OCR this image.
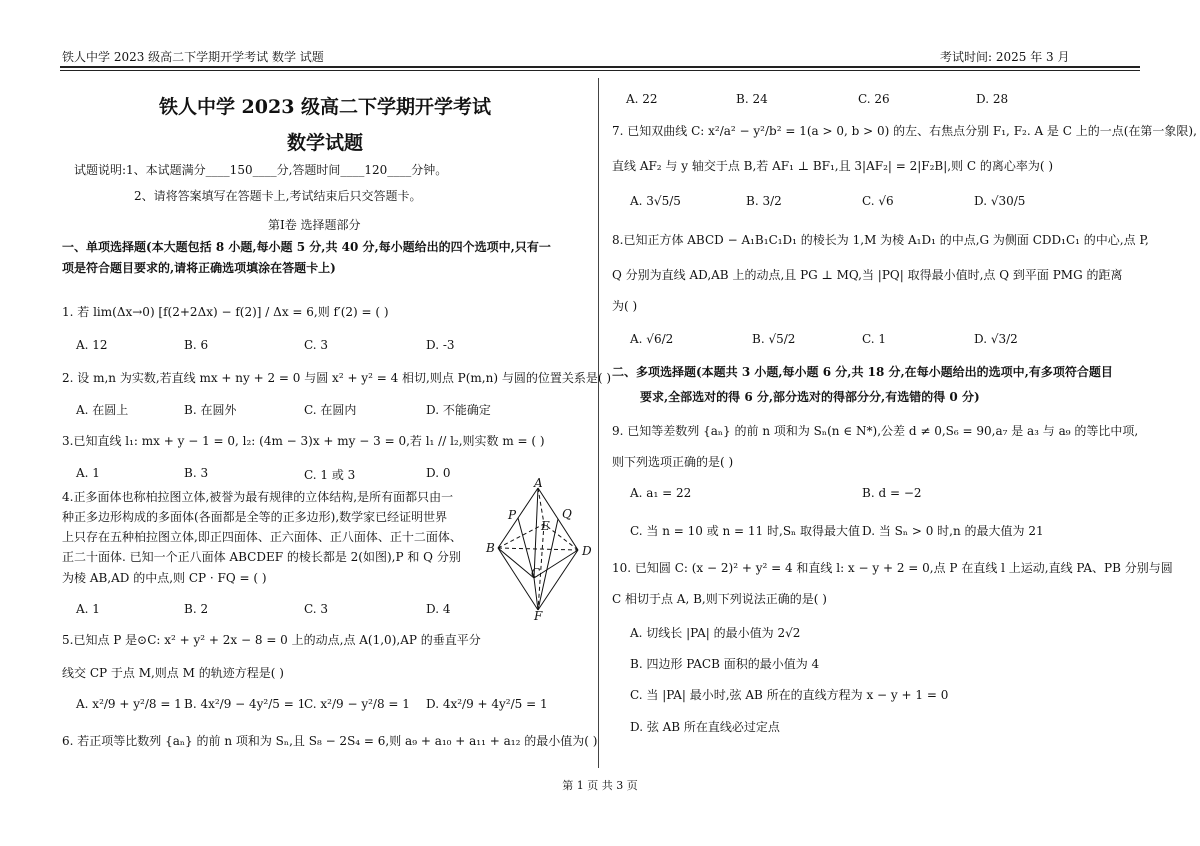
铁人中学 2023 级高二下学期开学考试 数学 试题	考试时间: 2025 年 3 月
铁人中学 2023 级高二下学期开学考试
数学试题
试题说明:1、本试题满分____150____分,答题时间____120____分钟。
2、请将答案填写在答题卡上,考试结束后只交答题卡。
第Ⅰ卷 选择题部分
一、单项选择题(本大题包括 8 小题,每小题 5 分,共 40 分,每小题给出的四个选项中,只有一
项是符合题目要求的,请将正确选项填涂在答题卡上)
1. 若 lim(Δx→0) [f(2+2Δx) − f(2)] / Δx = 6,则 f′(2) = ( )
A. 12	B. 6	C. 3	D. -3
2. 设 m,n 为实数,若直线 mx + ny + 2 = 0 与圆 x² + y² = 4 相切,则点 P(m,n) 与圆的位置关系是( )
A. 在圆上	B. 在圆外	C. 在圆内	D. 不能确定
3.已知直线 l₁: mx + y − 1 = 0, l₂: (4m − 3)x + my − 3 = 0,若 l₁ // l₂,则实数 m = ( )
A. 1	B. 3	C. 1 或 3	D. 0
4.正多面体也称柏拉图立体,被誉为最有规律的立体结构,是所有面都只由一
种正多边形构成的多面体(各面都是全等的正多边形),数学家已经证明世界
上只存在五种柏拉图立体,即正四面体、正六面体、正八面体、正十二面体、
正二十面体. 已知一个正八面体 ABCDEF 的棱长都是 2(如图),P 和 Q 分别
为棱 AB,AD 的中点,则 CP · FQ = ( )
A. 1	B. 2	C. 3	D. 4
A
B
C
D
E
F
P	Q
5.已知点 P 是⊙C: x² + y² + 2x − 8 = 0 上的动点,点 A(1,0),AP 的垂直平分
线交 CP 于点 M,则点 M 的轨迹方程是( )
A. x²/9 + y²/8 = 1 B. 4x²/9 − 4y²/5 = 1
C. x²/9 − y²/8 = 1 D. 4x²/9 + 4y²/5 = 1
6. 若正项等比数列 {aₙ} 的前 n 项和为 Sₙ,且 S₈ − 2S₄ = 6,则 a₉ + a₁₀ + a₁₁ + a₁₂ 的最小值为( )
A. 22	B. 24	C. 26	D. 28
7. 已知双曲线 C: x²/a² − y²/b² = 1(a > 0, b > 0) 的左、右焦点分别 F₁, F₂. A 是 C 上的一点(在第一象限),
直线 AF₂ 与 y 轴交于点 B,若 AF₁ ⊥ BF₁,且 3|AF₂| = 2|F₂B|,则 C 的离心率为( )
A. 3√5/5	B. 3/2	C. √6	D. √30/5
8.已知正方体 ABCD − A₁B₁C₁D₁ 的棱长为 1,M 为棱 A₁D₁ 的中点,G 为侧面 CDD₁C₁ 的中心,点 P,
Q 分别为直线 AD,AB 上的动点,且 PG ⊥ MQ,当 |PQ| 取得最小值时,点 Q 到平面 PMG 的距离
为( )
A. √6/2	B. √5/2	C. 1	D. √3/2
二、多项选择题(本题共 3 小题,每小题 6 分,共 18 分,在每小题给出的选项中,有多项符合题目
要求,全部选对的得 6 分,部分选对的得部分分,有选错的得 0 分)
9. 已知等差数列 {aₙ} 的前 n 项和为 Sₙ(n ∈ N*),公差 d ≠ 0,S₆ = 90,a₇ 是 a₃ 与 a₉ 的等比中项,
则下列选项正确的是( )
A. a₁ = 22	B. d = −2
C. 当 n = 10 或 n = 11 时,Sₙ 取得最大值 D. 当 Sₙ > 0 时,n 的最大值为 21
10. 已知圆 C: (x − 2)² + y² = 4 和直线 l: x − y + 2 = 0,点 P 在直线 l 上运动,直线 PA、PB 分别与圆
C 相切于点 A, B,则下列说法正确的是( )
A. 切线长 |PA| 的最小值为 2√2
B. 四边形 PACB 面积的最小值为 4
C. 当 |PA| 最小时,弦 AB 所在的直线方程为 x − y + 1 = 0
D. 弦 AB 所在直线必过定点
第 1 页 共 3 页
